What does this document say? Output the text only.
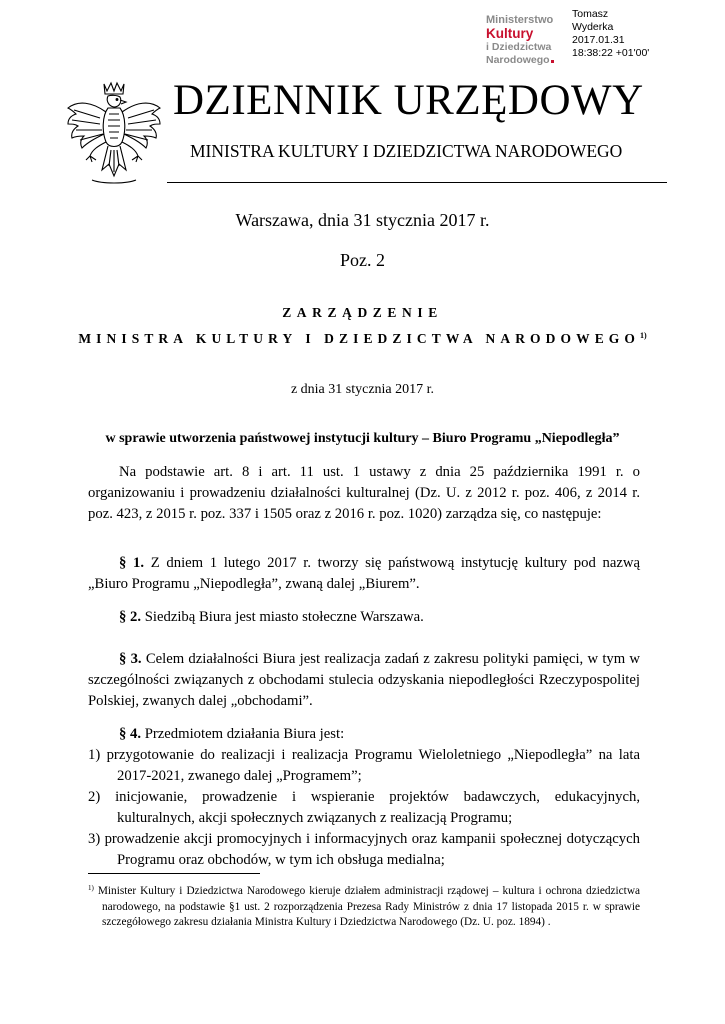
Ministerstwo
Kultury
i Dziedzictwa
Narodowego
Tomasz
Wyderka
2017.01.31
18:38:22 +01'00'
DZIENNIK URZĘDOWY
MINISTRA KULTURY I DZIEDZICTWA NARODOWEGO
Warszawa, dnia 31 stycznia 2017 r.
Poz. 2
ZARZĄDZENIE
MINISTRA KULTURY I DZIEDZICTWA NARODOWEGO$^{1)}$
z dnia 31 stycznia 2017 r.
w sprawie utworzenia państwowej instytucji kultury – Biuro Programu „Niepodległa”
Na podstawie art. 8 i art. 11 ust. 1 ustawy z dnia 25 października 1991 r. o organizowaniu i prowadzeniu działalności kulturalnej (Dz. U. z 2012 r. poz. 406, z 2014 r. poz. 423, z 2015 r. poz. 337 i 1505 oraz z 2016 r. poz. 1020) zarządza się, co następuje:
§ 1. Z dniem 1 lutego 2017 r. tworzy się państwową instytucję kultury pod nazwą „Biuro Programu „Niepodległa”, zwaną dalej „Biurem”.
§ 2. Siedzibą Biura jest miasto stołeczne Warszawa.
§ 3. Celem działalności Biura jest realizacja zadań z zakresu polityki pamięci, w tym w szczególności związanych z obchodami stulecia odzyskania niepodległości Rzeczypospolitej Polskiej, zwanych dalej „obchodami”.
§ 4. Przedmiotem działania Biura jest:
1) przygotowanie do realizacji i realizacja Programu Wieloletniego „Niepodległa” na lata 2017-2021, zwanego dalej „Programem”;
2) inicjowanie, prowadzenie i wspieranie projektów badawczych, edukacyjnych, kulturalnych, akcji społecznych związanych z realizacją Programu;
3) prowadzenie akcji promocyjnych i informacyjnych oraz kampanii społecznej dotyczących Programu oraz obchodów, w tym ich obsługa medialna;
$^{1)}$ Minister Kultury i Dziedzictwa Narodowego kieruje działem administracji rządowej – kultura i ochrona dziedzictwa narodowego, na podstawie §1 ust. 2 rozporządzenia Prezesa Rady Ministrów z dnia 17 listopada 2015 r. w sprawie szczegółowego zakresu działania Ministra Kultury i Dziedzictwa Narodowego (Dz. U. poz. 1894) .
